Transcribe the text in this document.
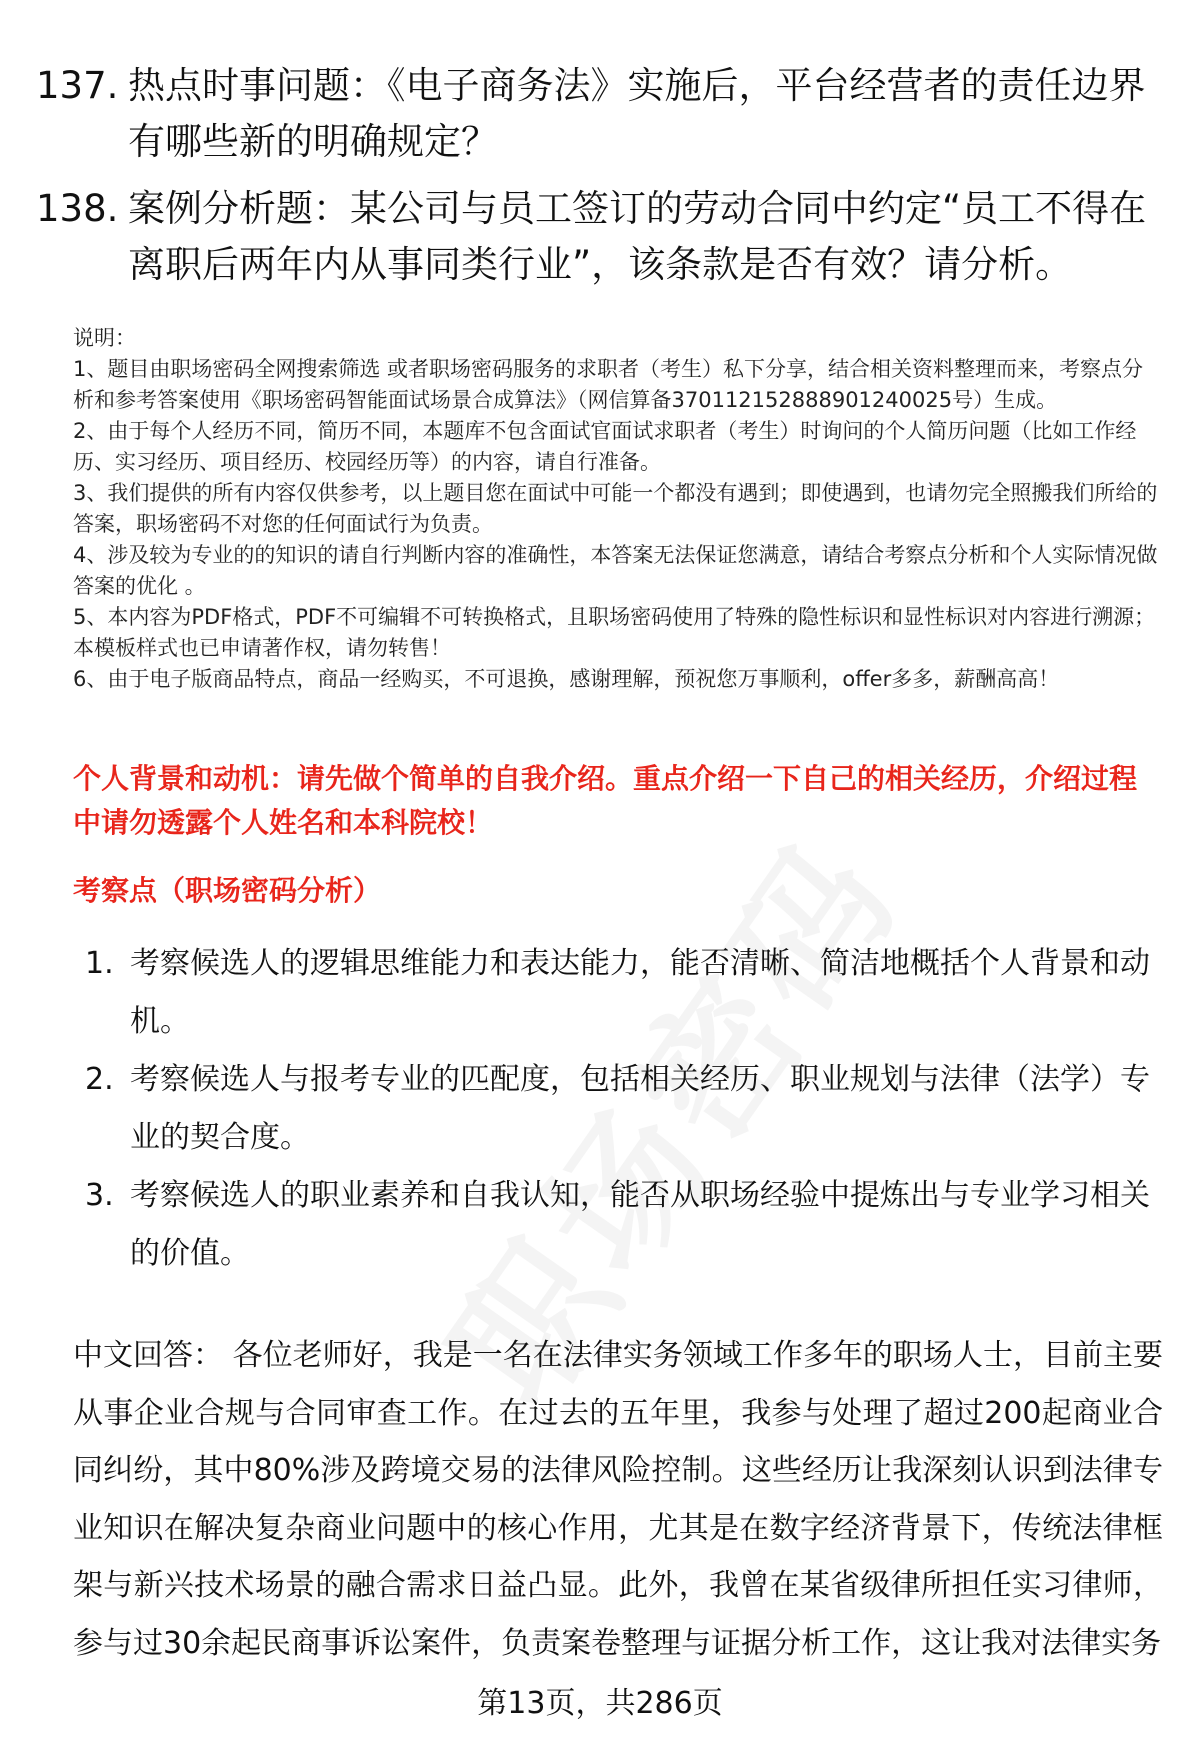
137. 热点时事问题：《电子商务法》实施后，平台经营者的责任边界有哪些新的明确规定？
138. 案例分析题：某公司与员工签订的劳动合同中约定“员工不得在离职后两年内从事同类行业”，该条款是否有效？请分析。
说明：
1、题目由职场密码全网搜索筛选 或者职场密码服务的求职者（考生）私下分享，结合相关资料整理而来，考察点分析和参考答案使用《职场密码智能面试场景合成算法》（网信算备370112152888901240025号）生成。
2、由于每个人经历不同，简历不同，本题库不包含面试官面试求职者（考生）时询问的个人简历问题（比如工作经历、实习经历、项目经历、校园经历等）的内容，请自行准备。
3、我们提供的所有内容仅供参考，以上题目您在面试中可能一个都没有遇到；即使遇到，也请勿完全照搬我们所给的答案，职场密码不对您的任何面试行为负责。
4、涉及较为专业的的知识的请自行判断内容的准确性，本答案无法保证您满意，请结合考察点分析和个人实际情况做答案的优化 。
5、本内容为PDF格式，PDF不可编辑不可转换格式，且职场密码使用了特殊的隐性标识和显性标识对内容进行溯源；本模板样式也已申请著作权，请勿转售！
6、由于电子版商品特点，商品一经购买，不可退换，感谢理解，预祝您万事顺利，offer多多，薪酬高高！
个人背景和动机：请先做个简单的自我介绍。重点介绍一下自己的相关经历，介绍过程中请勿透露个人姓名和本科院校！
考察点（职场密码分析）
1. 考察候选人的逻辑思维能力和表达能力，能否清晰、简洁地概括个人背景和动机。
2. 考察候选人与报考专业的匹配度，包括相关经历、职业规划与法律（法学）专业的契合度。
3. 考察候选人的职业素养和自我认知，能否从职场经验中提炼出与专业学习相关的价值。
中文回答： 各位老师好，我是一名在法律实务领域工作多年的职场人士，目前主要从事企业合规与合同审查工作。在过去的五年里，我参与处理了超过200起商业合同纠纷，其中80%涉及跨境交易的法律风险控制。这些经历让我深刻认识到法律专业知识在解决复杂商业问题中的核心作用，尤其是在数字经济背景下，传统法律框架与新兴技术场景的融合需求日益凸显。此外，我曾在某省级律所担任实习律师，参与过30余起民商事诉讼案件，负责案卷整理与证据分析工作，这让我对法律实务
第13页，共286页
